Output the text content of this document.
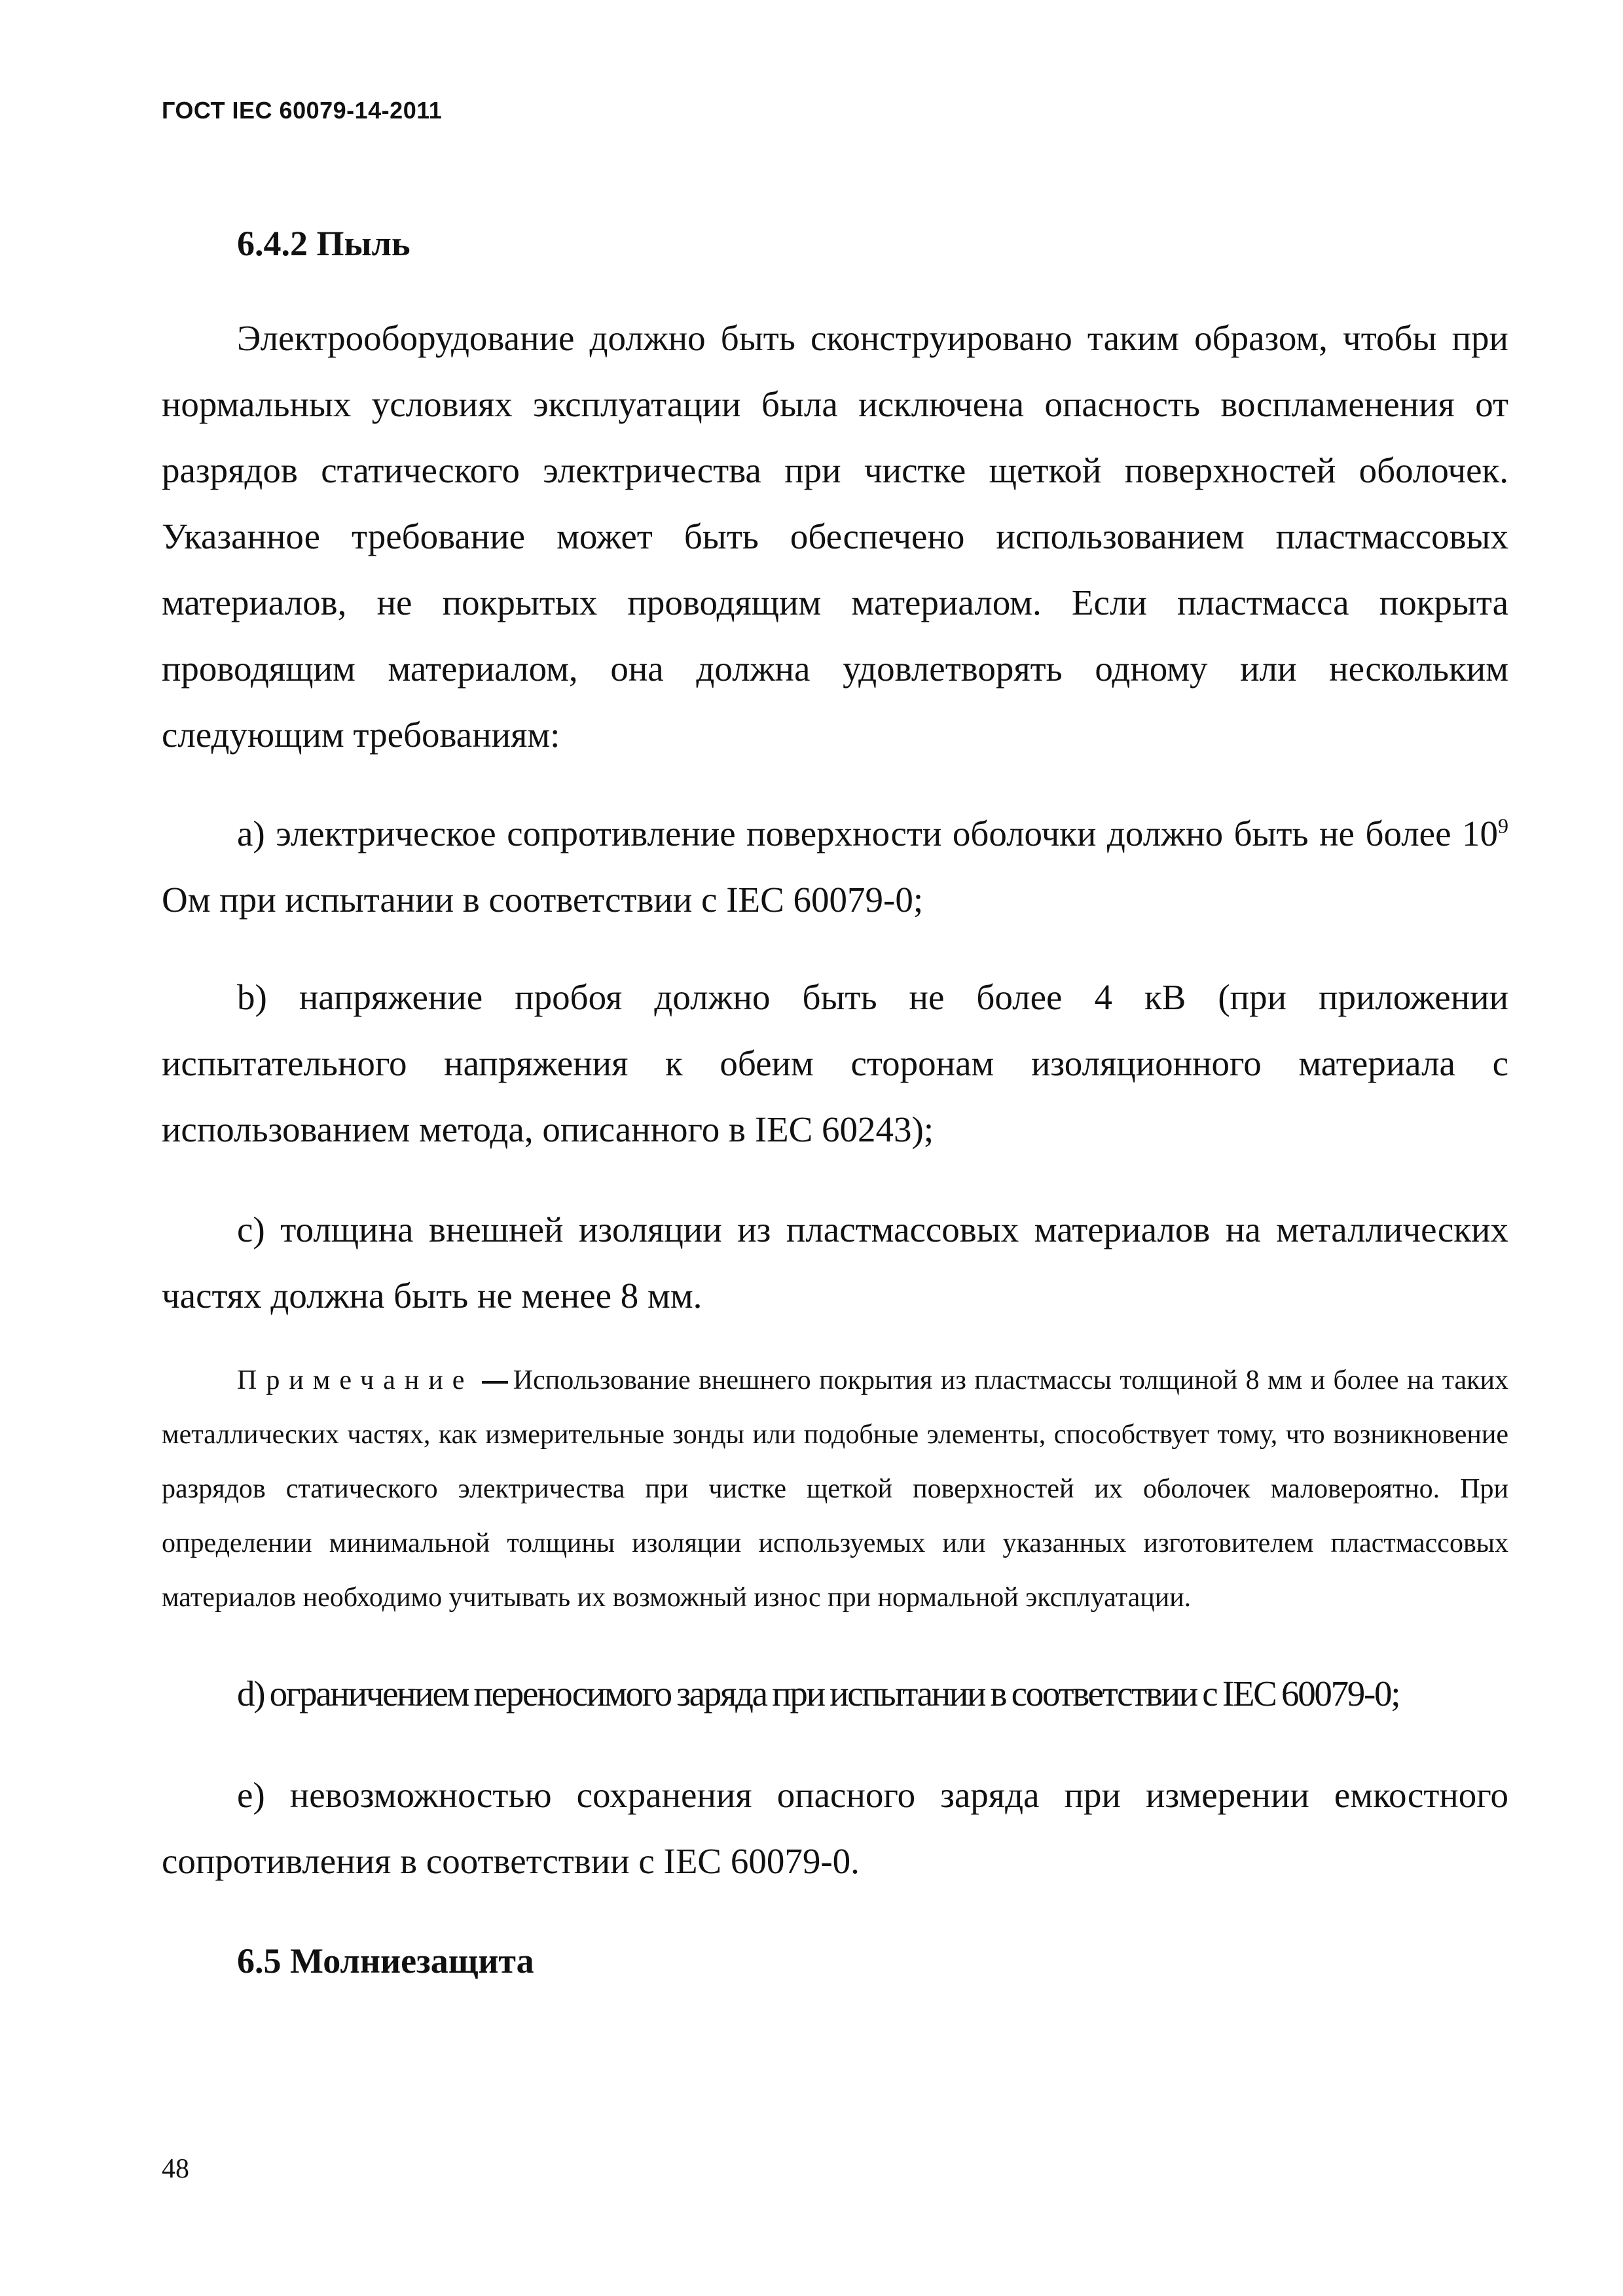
ГОСТ IEC 60079-14-2011
6.4.2 Пыль

Электрооборудование должно быть сконструировано таким образом, чтобы при нормальных условиях эксплуатации была исключена опасность воспламенения от разрядов статического электричества при чистке щеткой поверхностей оболочек. Указанное требование может быть обеспечено использованием пластмассовых материалов, не покрытых проводящим материалом. Если пластмасса покрыта проводящим материалом, она должна удовлетворять одному или нескольким следующим требованиям:

a) электрическое сопротивление поверхности оболочки должно быть не более $10^9$ Ом при испытании в соответствии с IEC 60079-0;

b) напряжение пробоя должно быть не более 4 кВ (при приложении испытательного напряжения к обеим сторонам изоляционного материала с использованием метода, описанного в IEC 60243);

c) толщина внешней изоляции из пластмассовых материалов на металлических частях должна быть не менее 8 мм.

Примечание Использование внешнего покрытия из пластмассы толщиной 8 мм и более на таких металлических частях, как измерительные зонды или подобные элементы, способствует тому, что возникновение разрядов статического электричества при чистке щеткой поверхностей их оболочек маловероятно. При определении минимальной толщины изоляции используемых или указанных изготовителем пластмассовых материалов необходимо учитывать их возможный износ при нормальной эксплуатации.

d) ограничением переносимого заряда при испытании в соответствии с IEC 60079-0;

e) невозможностью сохранения опасного заряда при измерении емкостного сопротивления в соответствии с IEC 60079-0.

6.5 Молниезащита
48
